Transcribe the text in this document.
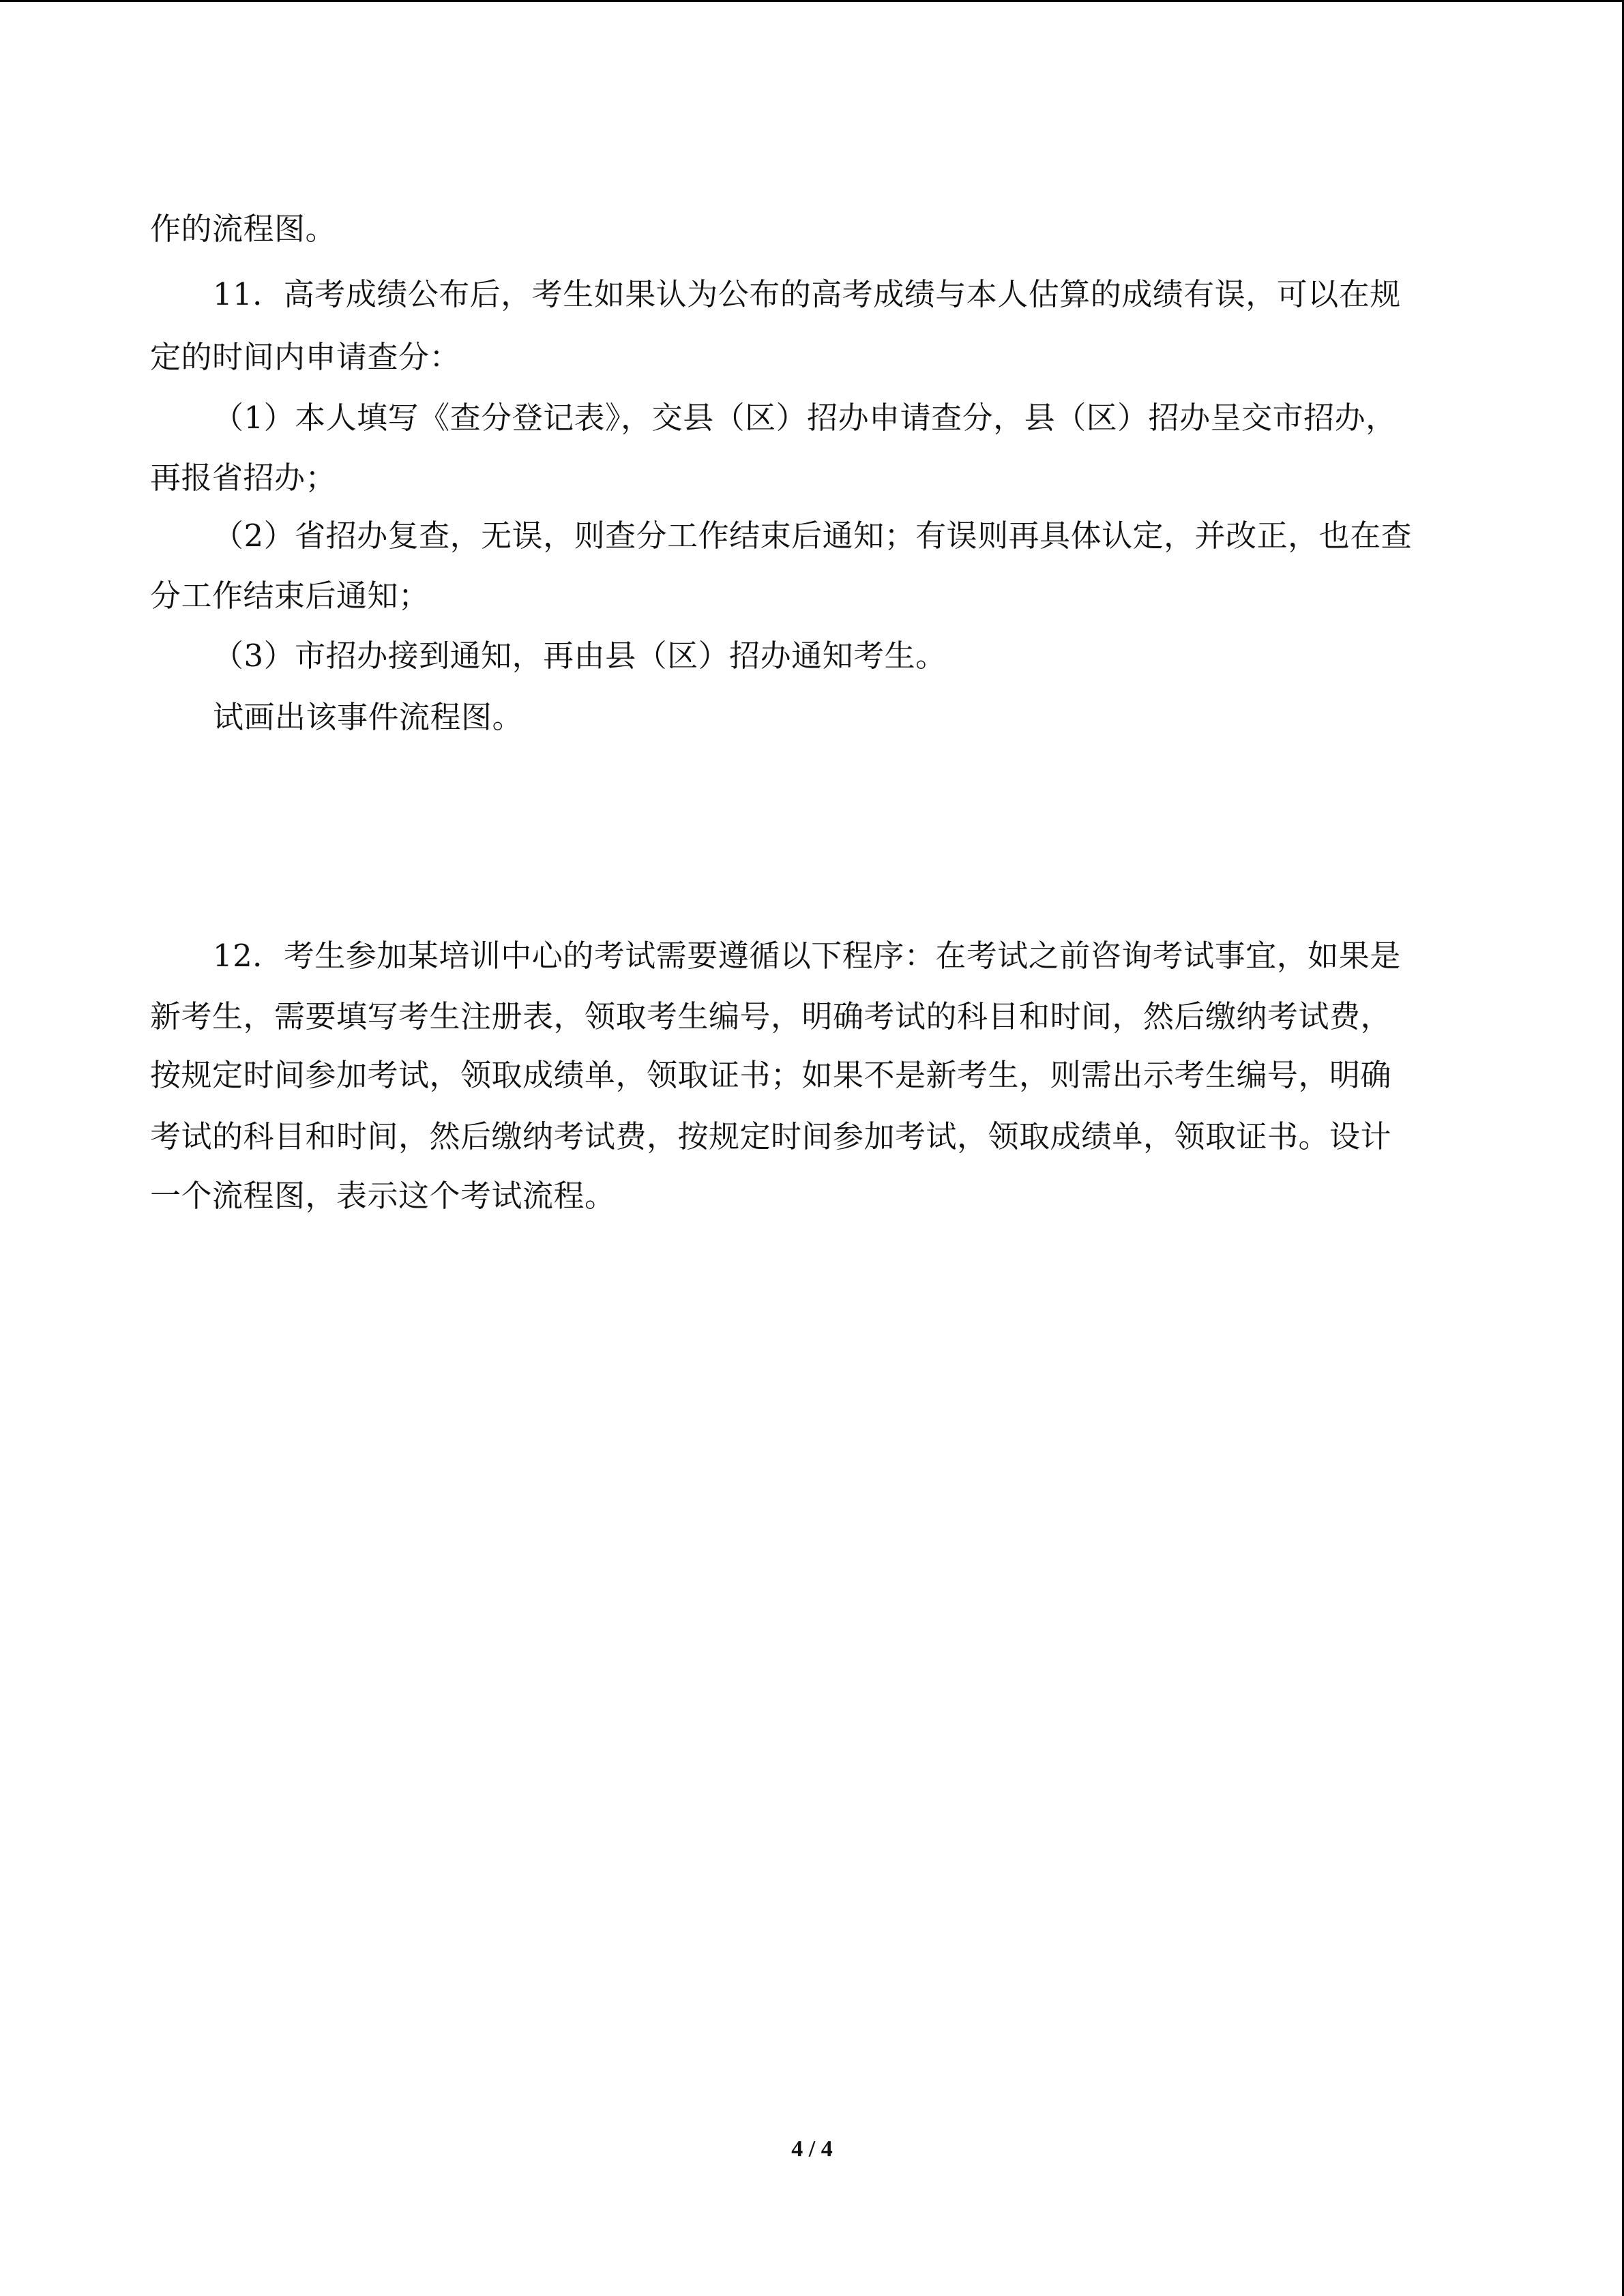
作的流程图。
11．高考成绩公布后，考生如果认为公布的高考成绩与本人估算的成绩有误，可以在规
定的时间内申请查分：
（1）本人填写《查分登记表》，交县（区）招办申请查分，县（区）招办呈交市招办，
再报省招办；
（2）省招办复查，无误，则查分工作结束后通知；有误则再具体认定，并改正，也在查
分工作结束后通知；
（3）市招办接到通知，再由县（区）招办通知考生。
试画出该事件流程图。
12．考生参加某培训中心的考试需要遵循以下程序：在考试之前咨询考试事宜，如果是
新考生，需要填写考生注册表，领取考生编号，明确考试的科目和时间，然后缴纳考试费，
按规定时间参加考试，领取成绩单，领取证书；如果不是新考生，则需出示考生编号，明确
考试的科目和时间，然后缴纳考试费，按规定时间参加考试，领取成绩单，领取证书。设计
一个流程图，表示这个考试流程。
4 / 4
